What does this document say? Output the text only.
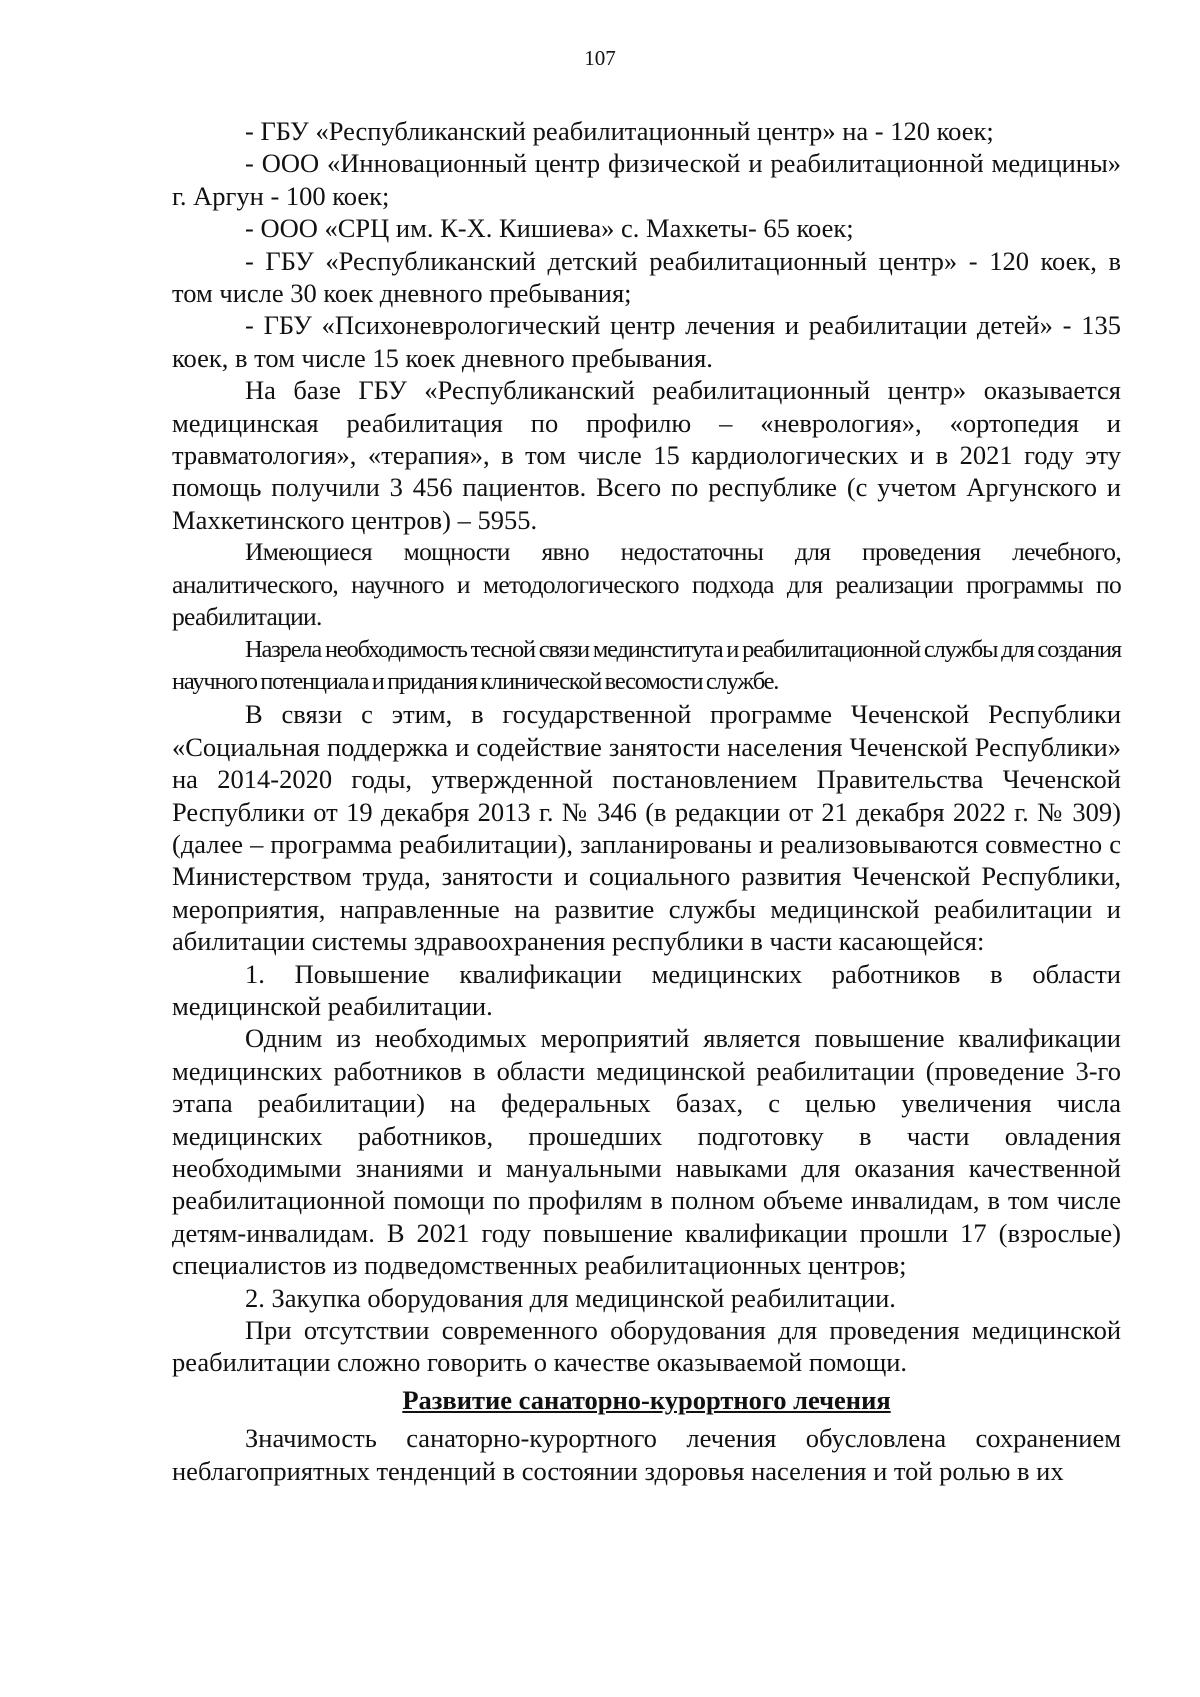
107

- ГБУ «Республиканский реабилитационный центр» на - 120 коек;

- ООО «Инновационный центр физической и реабилитационной медицины» г. Аргун - 100 коек;

- ООО «СРЦ им. К-Х. Кишиева» с. Махкеты- 65 коек;

- ГБУ «Республиканский детский реабилитационный центр» - 120 коек, в том числе 30 коек дневного пребывания;

- ГБУ «Психоневрологический центр лечения и реабилитации детей» - 135 коек, в том числе 15 коек дневного пребывания.

На базе ГБУ «Республиканский реабилитационный центр» оказывается медицинская реабилитация по профилю – «неврология», «ортопедия и травматология», «терапия», в том числе 15 кардиологических и в 2021 году эту помощь получили 3 456 пациентов. Всего по республике (с учетом Аргунского и Махкетинского центров) – 5955.

Имеющиеся мощности явно недостаточны для проведения лечебного, аналитического, научного и методологического подхода для реализации программы по реабилитации.

Назрела необходимость тесной связи мединститута и реабилитационной службы для создания научного потенциала и придания клинической весомости службе.

В связи с этим, в государственной программе Чеченской Республики «Социальная поддержка и содействие занятости населения Чеченской Республики» на 2014-2020 годы, утвержденной постановлением Правительства Чеченской Республики от 19 декабря 2013 г. № 346 (в редакции от 21 декабря 2022 г. № 309) (далее – программа реабилитации), запланированы и реализовываются совместно с Министерством труда, занятости и социального развития Чеченской Республики, мероприятия, направленные на развитие службы медицинской реабилитации и абилитации системы здравоохранения республики в части касающейся:

1. Повышение квалификации медицинских работников в области медицинской реабилитации.

Одним из необходимых мероприятий является повышение квалификации медицинских работников в области медицинской реабилитации (проведение 3-го этапа реабилитации) на федеральных базах, с целью увеличения числа медицинских работников, прошедших подготовку в части овладения необходимыми знаниями и мануальными навыками для оказания качественной реабилитационной помощи по профилям в полном объеме инвалидам, в том числе детям-инвалидам. В 2021 году повышение квалификации прошли 17 (взрослые) специалистов из подведомственных реабилитационных центров;

2. Закупка оборудования для медицинской реабилитации.

При отсутствии современного оборудования для проведения медицинской реабилитации сложно говорить о качестве оказываемой помощи.

Развитие санаторно-курортного лечения

Значимость санаторно-курортного лечения обусловлена сохранением неблагоприятных тенденций в состоянии здоровья населения и той ролью в их
